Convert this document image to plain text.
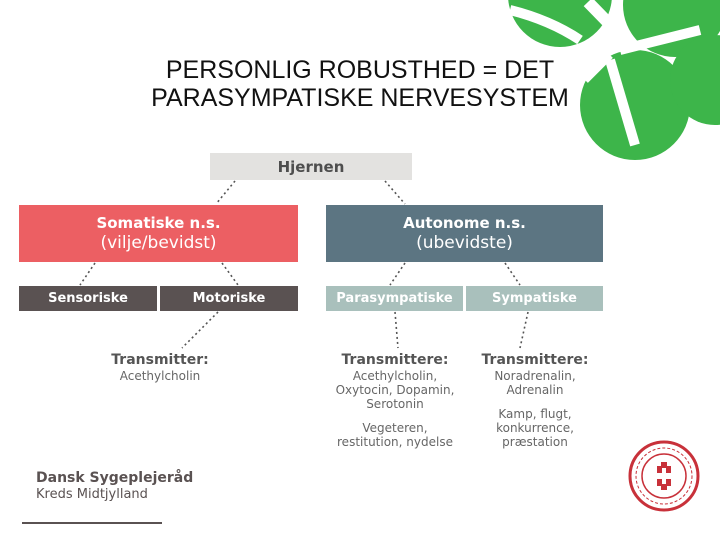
PERSONLIG ROBUSTHED = DET
PARASYMPATISKE NERVESYSTEM
Hjernen
Somatiske n.s.
(vilje/bevidst)
Autonome n.s.
(ubevidste)
Sensoriske	Motoriske	Parasympatiske	Sympatiske
Transmitter:
Acethylcholin
Transmittere:
Acethylcholin,
Oxytocin, Dopamin,
Serotonin
Vegeteren,
restitution, nydelse
Transmittere:
Noradrenalin,
Adrenalin
Kamp, flugt,
konkurrence,
præstation
Dansk Sygeplejeråd
Kreds Midtjylland
